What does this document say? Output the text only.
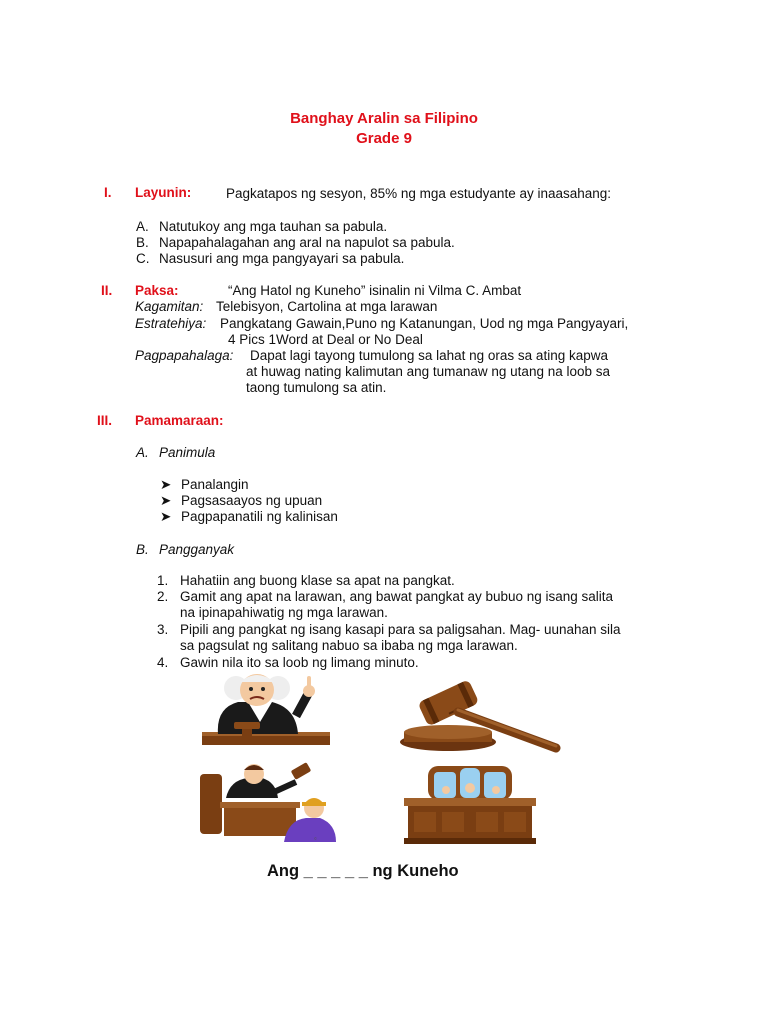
Banghay Aralin sa Filipino
Grade 9
I. Layunin:	Pagkatapos ng sesyon, 85% ng mga estudyante ay inaasahang:
A. Natutukoy ang mga tauhan sa pabula.
B. Napapahalagahan ang aral na napulot sa pabula.
C. Nasusuri ang mga pangyayari sa pabula.
II. Paksa:	“Ang Hatol ng Kuneho” isinalin ni Vilma C. Ambat
Kagamitan: Telebisyon, Cartolina at mga larawan
Estratehiya: Pangkatang Gawain,Puno ng Katanungan, Uod ng mga Pangyayari,
4 Pics 1Word at Deal or No Deal
Pagpapahalaga: Dapat lagi tayong tumulong sa lahat ng oras sa ating kapwa
at huwag nating kalimutan ang tumanaw ng utang na loob sa
taong tumulong sa atin.
III. Pamamaraan:
A. Panimula
➤ Panalangin
➤ Pagsasaayos ng upuan
➤ Pagpapanatili ng kalinisan
B. Pangganyak
1. Hahatiin ang buong klase sa apat na pangkat.
2. Gamit ang apat na larawan, ang bawat pangkat ay bubuo ng isang salita
na ipinapahiwatig ng mga larawan.
3. Pipili ang pangkat ng isang kasapi para sa paligsahan. Mag- uunahan sila
sa pagsulat ng salitang nabuo sa ibaba ng mga larawan.
4. Gawin nila ito sa loob ng limang minuto.
©
Ang _ _ _ _ _ ng Kuneho
